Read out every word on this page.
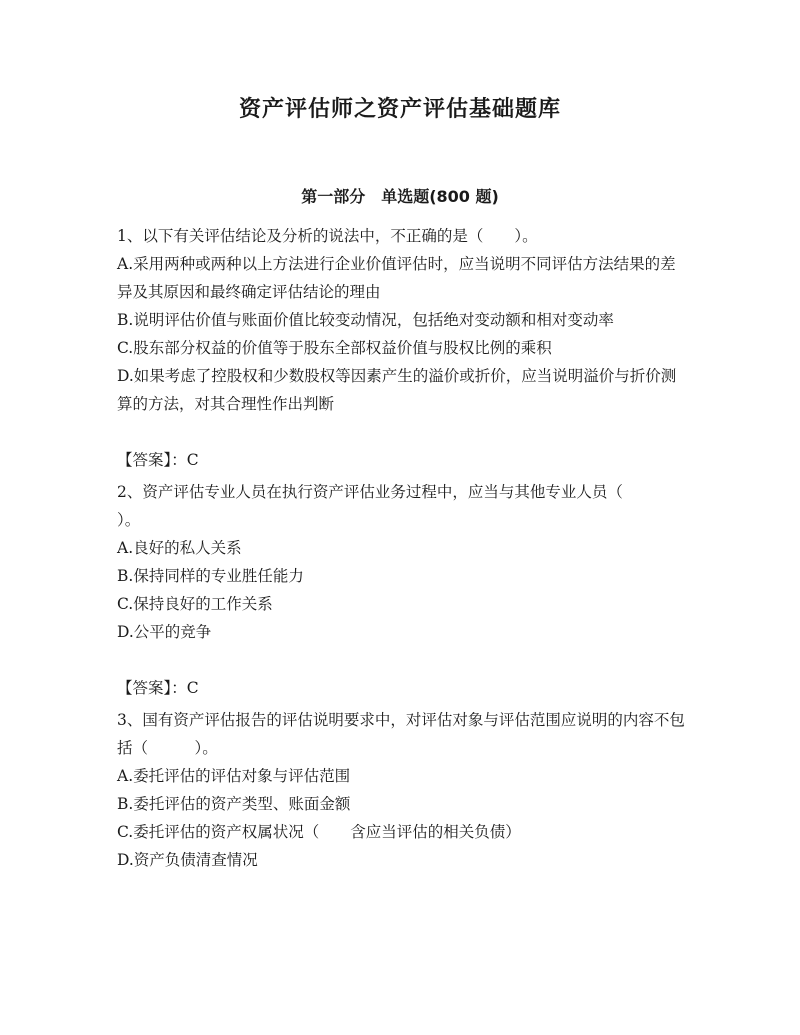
资产评估师之资产评估基础题库
第一部分　单选题(800 题)
1、以下有关评估结论及分析的说法中，不正确的是（　　）。
A.采用两种或两种以上方法进行企业价值评估时，应当说明不同评估方法结果的差异及其原因和最终确定评估结论的理由
B.说明评估价值与账面价值比较变动情况，包括绝对变动额和相对变动率
C.股东部分权益的价值等于股东全部权益价值与股权比例的乘积
D.如果考虑了控股权和少数股权等因素产生的溢价或折价，应当说明溢价与折价测算的方法，对其合理性作出判断
【答案】：C
2、资产评估专业人员在执行资产评估业务过程中，应当与其他专业人员（　　　）。
A.良好的私人关系
B.保持同样的专业胜任能力
C.保持良好的工作关系
D.公平的竞争
【答案】：C
3、国有资产评估报告的评估说明要求中，对评估对象与评估范围应说明的内容不包括（　　　）。
A.委托评估的评估对象与评估范围
B.委托评估的资产类型、账面金额
C.委托评估的资产权属状况（　　含应当评估的相关负债）
D.资产负债清查情况
